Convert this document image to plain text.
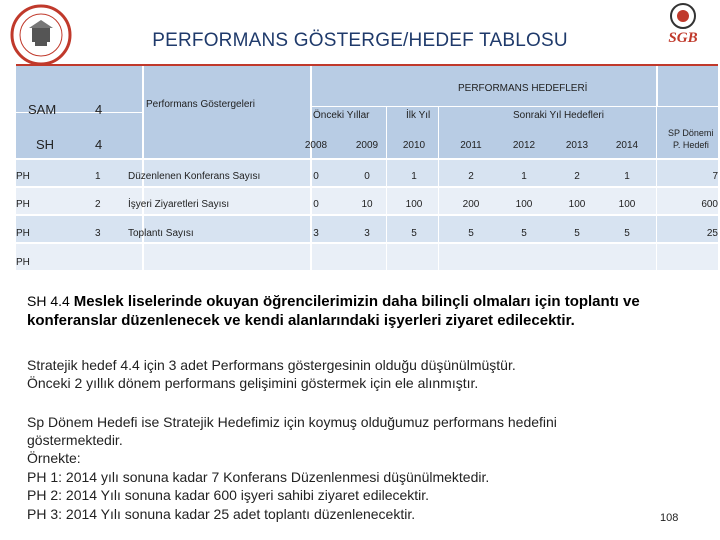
PERFORMANS GÖSTERGE/HEDEF TABLOSU	SGB
PERFORMANS HEDEFLERİ
SAM	4
SH	4
Performans Göstergeleri
Önceki Yıllar	İlk Yıl	Sonraki Yıl Hedefleri
SP Dönemi
P. Hedefi
2008	2009 2010	2011	2012	2013	2014
PH	1	Düzenlenen Konferans Sayısı	0	0	1	2	1	2	1	7
PH	2	İşyeri Ziyaretleri Sayısı	0	10	100	200	100	100	100	600
PH	3	Toplantı Sayısı	3	3	5	5	5	5	5	25
PH
SH 4.4 Meslek liselerinde okuyan öğrencilerimizin daha bilinçli olmaları için toplantı ve konferanslar düzenlenecek ve kendi alanlarındaki işyerleri ziyaret edilecektir.
Stratejik hedef 4.4 için 3 adet Performans göstergesinin olduğu düşünülmüştür.
Önceki 2 yıllık dönem performans gelişimini göstermek için ele alınmıştır.
Sp Dönem Hedefi ise Stratejik Hedefimiz için koymuş olduğumuz performans hedefini
göstermektedir.
Örnekte:
PH 1: 2014 yılı sonuna kadar 7 Konferans Düzenlenmesi düşünülmektedir.
PH 2: 2014 Yılı sonuna kadar 600 işyeri sahibi ziyaret edilecektir.
PH 3: 2014 Yılı sonuna kadar 25 adet toplantı düzenlenecektir.	108
